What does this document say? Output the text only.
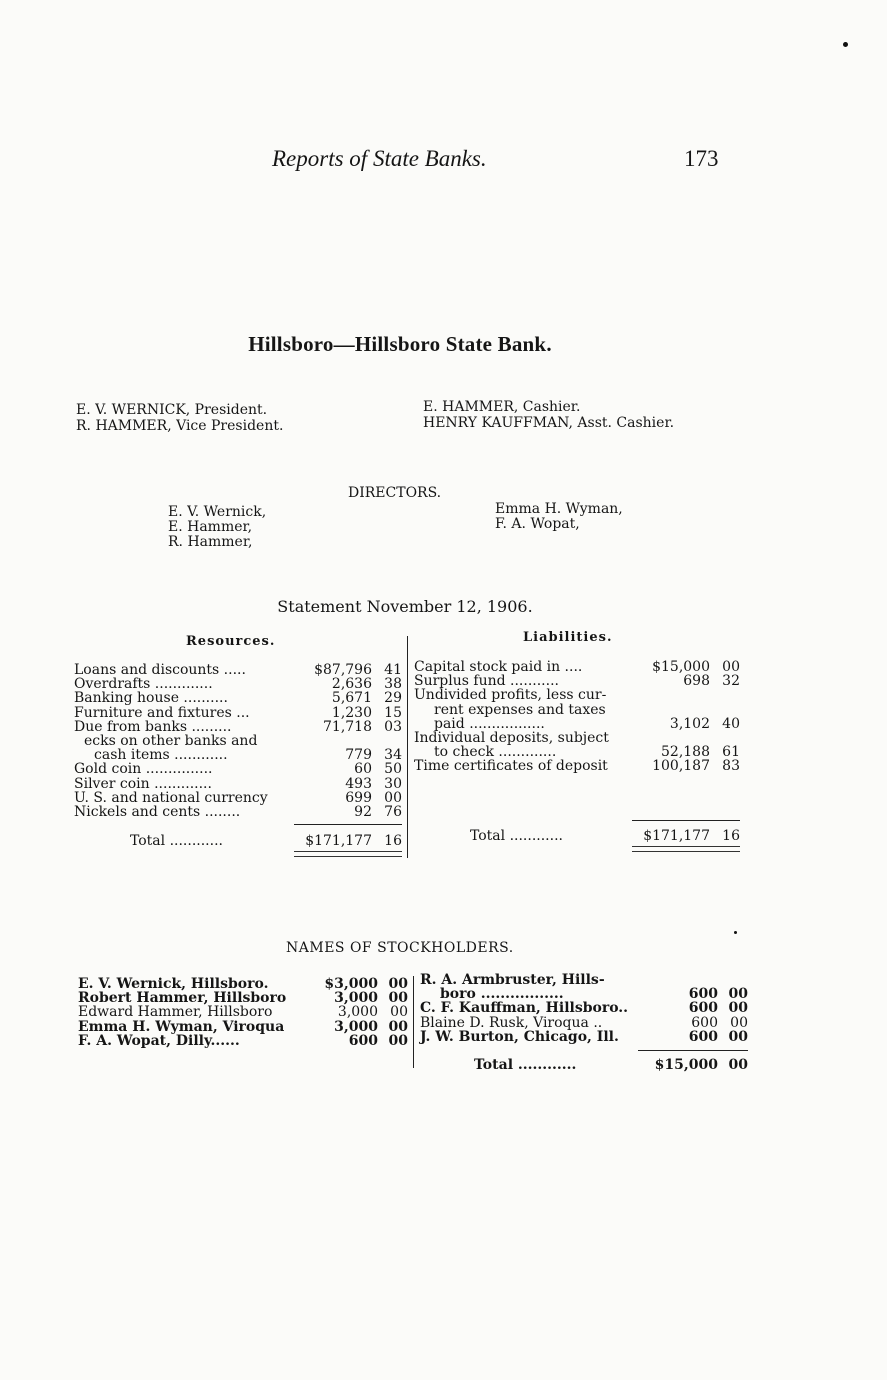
Reports of State Banks.	173
Hillsboro—Hillsboro State Bank.
E. V. WERNICK, President.
R. HAMMER, Vice President.
E. HAMMER, Cashier.
HENRY KAUFFMAN, Asst. Cashier.
DIRECTORS.
E. V. Wernick,
E. Hammer,
R. Hammer,
Emma H. Wyman,
F. A. Wopat,
Statement November 12, 1906.
Resources.	Liabilities.
Loans and discounts .....	$87,796 41
Overdrafts .............	2,636 38
Banking house ..........	5,671 29
Furniture and fixtures ...	1,230 15
Due from banks .........	71,718 03
ecks on other banks and
cash items ............	779 34
Gold coin ...............	60 50
Silver coin .............	493 30
U. S. and national currency	699 00
Nickels and cents ........	92 76
Total ............	$171,177 16
Capital stock paid in ....	$15,000 00
Surplus fund ...........	698 32
Undivided profits, less cur-
rent expenses and taxes
paid .................	3,102 40
Individual deposits, subject
to check .............	52,188 61
Time certificates of deposit	100,187 83
Total ............	$171,177 16
NAMES OF STOCKHOLDERS.
E. V. Wernick, Hillsboro.	$3,000 00
Robert Hammer, Hillsboro	3,000 00
Edward Hammer, Hillsboro	3,000 00
Emma H. Wyman, Viroqua	3,000 00
F. A. Wopat, Dilly......	600 00
R. A. Armbruster, Hills-
boro .................	600 00
C. F. Kauffman, Hillsboro..	600 00
Blaine D. Rusk, Viroqua ..	600 00
J. W. Burton, Chicago, Ill.	600 00
Total ............	$15,000 00
